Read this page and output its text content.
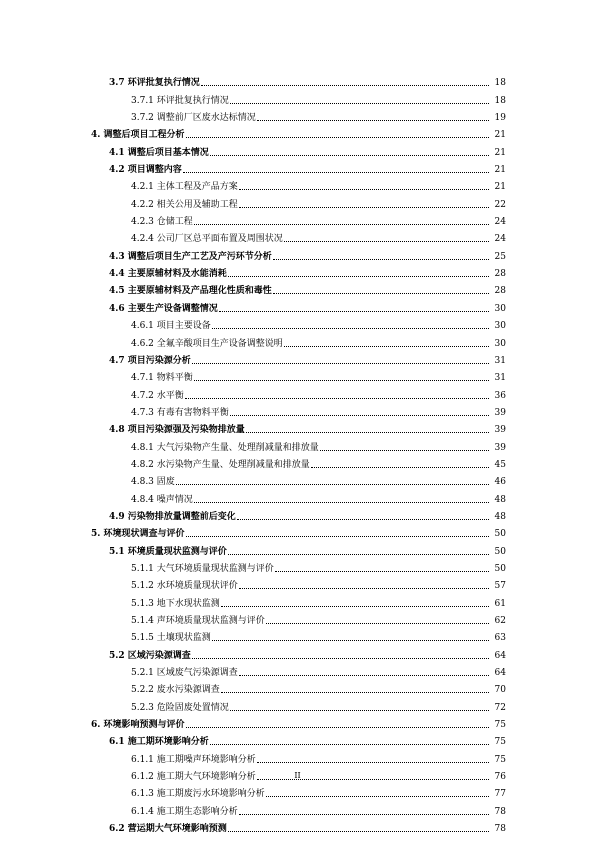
3.7 环评批复执行情况	18
3.7.1 环评批复执行情况	18
3.7.2 调整前厂区废水达标情况	19
4. 调整后项目工程分析	21
4.1 调整后项目基本情况	21
4.2 项目调整内容	21
4.2.1 主体工程及产品方案	21
4.2.2 相关公用及辅助工程	22
4.2.3 仓储工程	24
4.2.4 公司厂区总平面布置及周围状况	24
4.3 调整后项目生产工艺及产污环节分析	25
4.4 主要原辅材料及水能消耗	28
4.5 主要原辅材料及产品理化性质和毒性	28
4.6 主要生产设备调整情况	30
4.6.1 项目主要设备	30
4.6.2 全氟辛酸项目生产设备调整说明	30
4.7 项目污染源分析	31
4.7.1 物料平衡	31
4.7.2 水平衡	36
4.7.3 有毒有害物料平衡	39
4.8 项目污染源强及污染物排放量	39
4.8.1 大气污染物产生量、处理削减量和排放量	39
4.8.2 水污染物产生量、处理削减量和排放量	45
4.8.3 固废	46
4.8.4 噪声情况	48
4.9 污染物排放量调整前后变化	48
5. 环境现状调查与评价	50
5.1 环境质量现状监测与评价	50
5.1.1 大气环境质量现状监测与评价	50
5.1.2 水环境质量现状评价	57
5.1.3 地下水现状监测	61
5.1.4 声环境质量现状监测与评价	62
5.1.5 土壤现状监测	63
5.2 区域污染源调查	64
5.2.1 区域废气污染源调查	64
5.2.2 废水污染源调查	70
5.2.3 危险固废处置情况	72
6. 环境影响预测与评价	75
6.1 施工期环境影响分析	75
6.1.1 施工期噪声环境影响分析	75
6.1.2 施工期大气环境影响分析	76
6.1.3 施工期废污水环境影响分析	77
6.1.4 施工期生态影响分析	78
6.2 营运期大气环境影响预测	78
II
